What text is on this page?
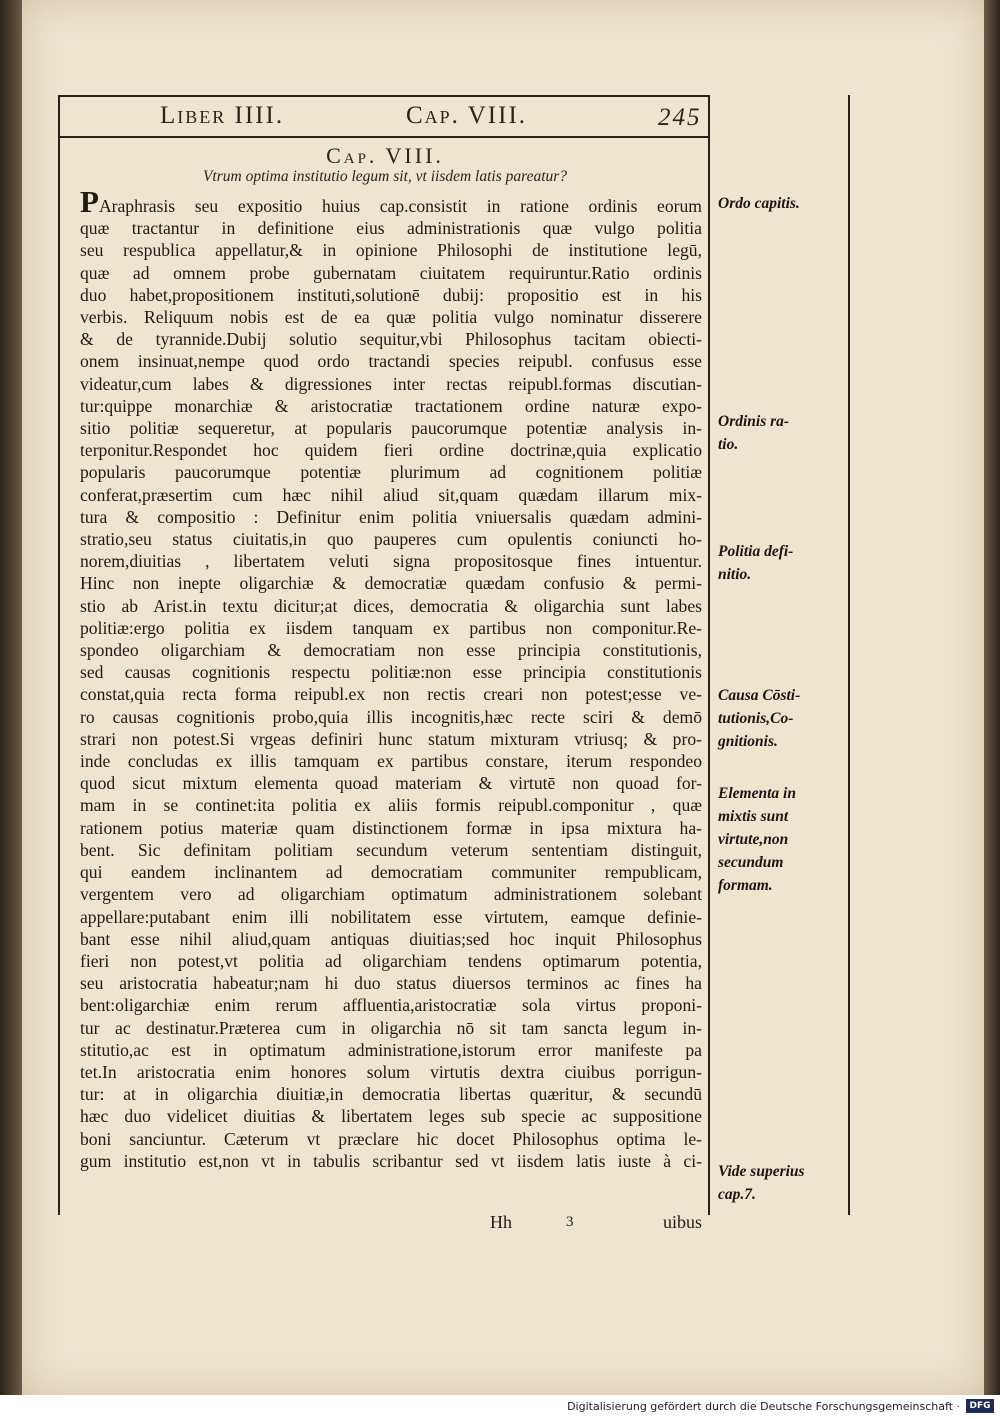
Liber IIII.	Cap. VIII.	245
Cap. VIII.
Vtrum optima institutio legum sit, vt iisdem latis pareatur?
PAraphrasis seu expositio huius cap.consistit in ratione ordinis eorum
quæ tractantur in definitione eius administrationis quæ vulgo politia
seu respublica appellatur,& in opinione Philosophi de institutione legū,
quæ ad omnem probe gubernatam ciuitatem requiruntur.Ratio ordinis
duo habet,propositionem instituti,solutionē dubij: propositio est in his
verbis. Reliquum nobis est de ea quæ politia vulgo nominatur disserere
& de tyrannide.Dubij solutio sequitur,vbi Philosophus tacitam obiecti-
onem insinuat,nempe quod ordo tractandi species reipubl. confusus esse
videatur,cum labes & digressiones inter rectas reipubl.formas discutian-
tur:quippe monarchiæ & aristocratiæ tractationem ordine naturæ expo-
sitio politiæ sequeretur, at popularis paucorumque potentiæ analysis in-
terponitur.Respondet hoc quidem fieri ordine doctrinæ,quia explicatio
popularis paucorumque potentiæ plurimum ad cognitionem politiæ
conferat,præsertim cum hæc nihil aliud sit,quam quædam illarum mix-
tura & compositio : Definitur enim politia vniuersalis quædam admini-
stratio,seu status ciuitatis,in quo pauperes cum opulentis coniuncti ho-
norem,diuitias , libertatem veluti signa propositosque fines intuentur.
Hinc non inepte oligarchiæ & democratiæ quædam confusio & permi-
stio ab Arist.in textu dicitur;at dices, democratia & oligarchia sunt labes
politiæ:ergo politia ex iisdem tanquam ex partibus non componitur.Re-
spondeo oligarchiam & democratiam non esse principia constitutionis,
sed causas cognitionis respectu politiæ:non esse principia constitutionis
constat,quia recta forma reipubl.ex non rectis creari non potest;esse ve-
ro causas cognitionis probo,quia illis incognitis,hæc recte sciri & demō
strari non potest.Si vrgeas definiri hunc statum mixturam vtriusq; & pro-
inde concludas ex illis tamquam ex partibus constare, iterum respondeo
quod sicut mixtum elementa quoad materiam & virtutē non quoad for-
mam in se continet:ita politia ex aliis formis reipubl.componitur , quæ
rationem potius materiæ quam distinctionem formæ in ipsa mixtura ha-
bent. Sic definitam politiam secundum veterum sententiam distinguit,
qui eandem inclinantem ad democratiam communiter rempublicam,
vergentem vero ad oligarchiam optimatum administrationem solebant
appellare:putabant enim illi nobilitatem esse virtutem, eamque definie-
bant esse nihil aliud,quam antiquas diuitias;sed hoc inquit Philosophus
fieri non potest,vt politia ad oligarchiam tendens optimarum potentia,
seu aristocratia habeatur;nam hi duo status diuersos terminos ac fines ha
bent:oligarchiæ enim rerum affluentia,aristocratiæ sola virtus proponi-
tur ac destinatur.Præterea cum in oligarchia nō sit tam sancta legum in-
stitutio,ac est in optimatum administratione,istorum error manifeste pa
tet.In aristocratia enim honores solum virtutis dextra ciuibus porrigun-
tur: at in oligarchia diuitiæ,in democratia libertas quæritur, & secundū
hæc duo videlicet diuitias & libertatem leges sub specie ac suppositione
boni sanciuntur. Cæterum vt præclare hic docet Philosophus optima le-
gum institutio est,non vt in tabulis scribantur sed vt iisdem latis iuste à ci-
Ordo capitis.
Ordinis ra-
tio.
Politia defi-
nitio.
Causa Cōsti-
tutionis,Co-
gnitionis.
Elementa in
mixtis sunt
virtute,non
secundum
formam.
Vide superius
cap.7.
Hh	3	uibus
Digitalisierung gefördert durch die Deutsche Forschungsgemeinschaft ·	DFG
